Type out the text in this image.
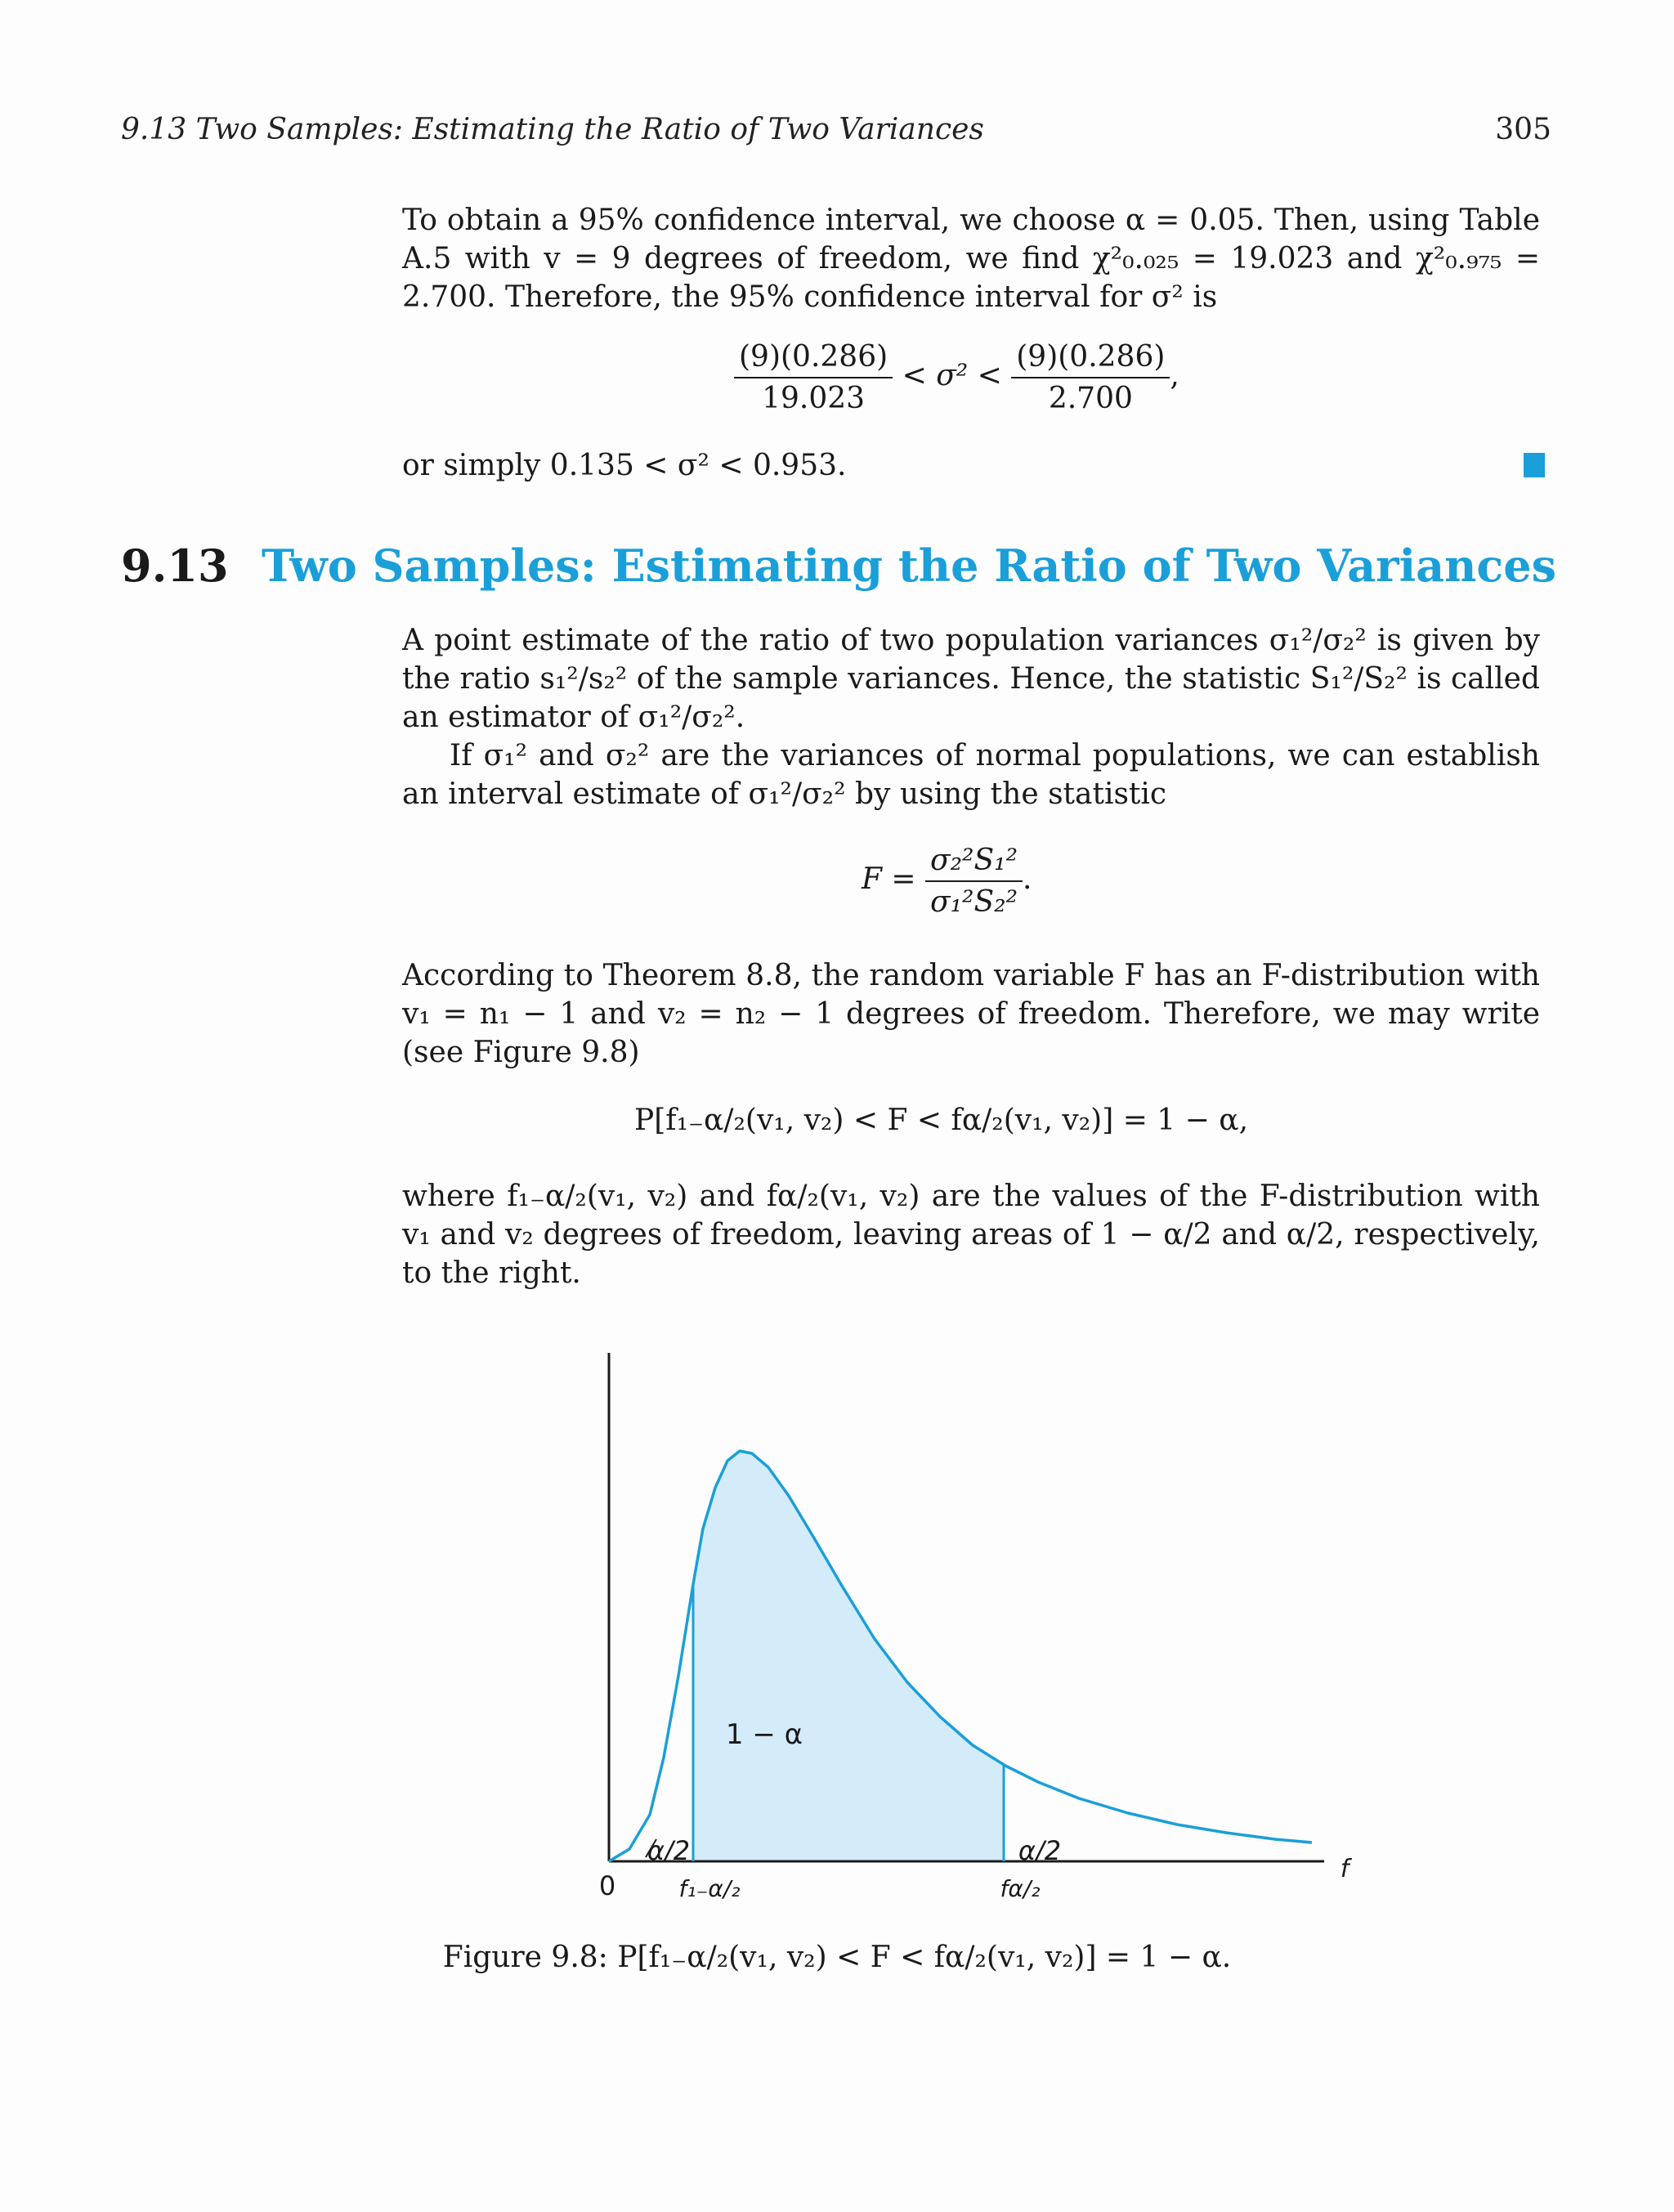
9.13 Two Samples: Estimating the Ratio of Two Variances	305

To obtain a 95% confidence interval, we choose α = 0.05. Then, using Table A.5 with v = 9 degrees of freedom, we find χ²₀.₀₂₅ = 19.023 and χ²₀.₉₇₅ = 2.700. Therefore, the 95% confidence interval for σ² is

$\frac{(9)(0.286)}{19.023} < \sigma^2 < \frac{(9)(0.286)}{2.700}$ ,

or simply 0.135 < σ² < 0.953.

9.13 Two Samples: Estimating the Ratio of Two Variances

A point estimate of the ratio of two population variances σ₁²/σ₂² is given by the ratio s₁²/s₂² of the sample variances. Hence, the statistic S₁²/S₂² is called an estimator of σ₁²/σ₂².

If σ₁² and σ₂² are the variances of normal populations, we can establish an interval estimate of σ₁²/σ₂² by using the statistic

$F = \frac{\text{σ₂²S₁²}}{\text{σ₁²S₂²}}$ .

According to Theorem 8.8, the random variable F has an F-distribution with v₁ = n₁ − 1 and v₂ = n₂ − 1 degrees of freedom. Therefore, we may write (see Figure 9.8)

P[f₁₋α/₂(v₁, v₂) < F < fα/₂(v₁, v₂)] = 1 − α,

where f₁₋α/₂(v₁, v₂) and fα/₂(v₁, v₂) are the values of the F-distribution with v₁ and v₂ degrees of freedom, leaving areas of 1 − α/2 and α/2, respectively, to the right.

1 − α
α/2	α/2
0	f₁₋α/₂	fα/₂
f
Figure 9.8: P[f₁₋α/₂(v₁, v₂) < F < fα/₂(v₁, v₂)] = 1 − α.
